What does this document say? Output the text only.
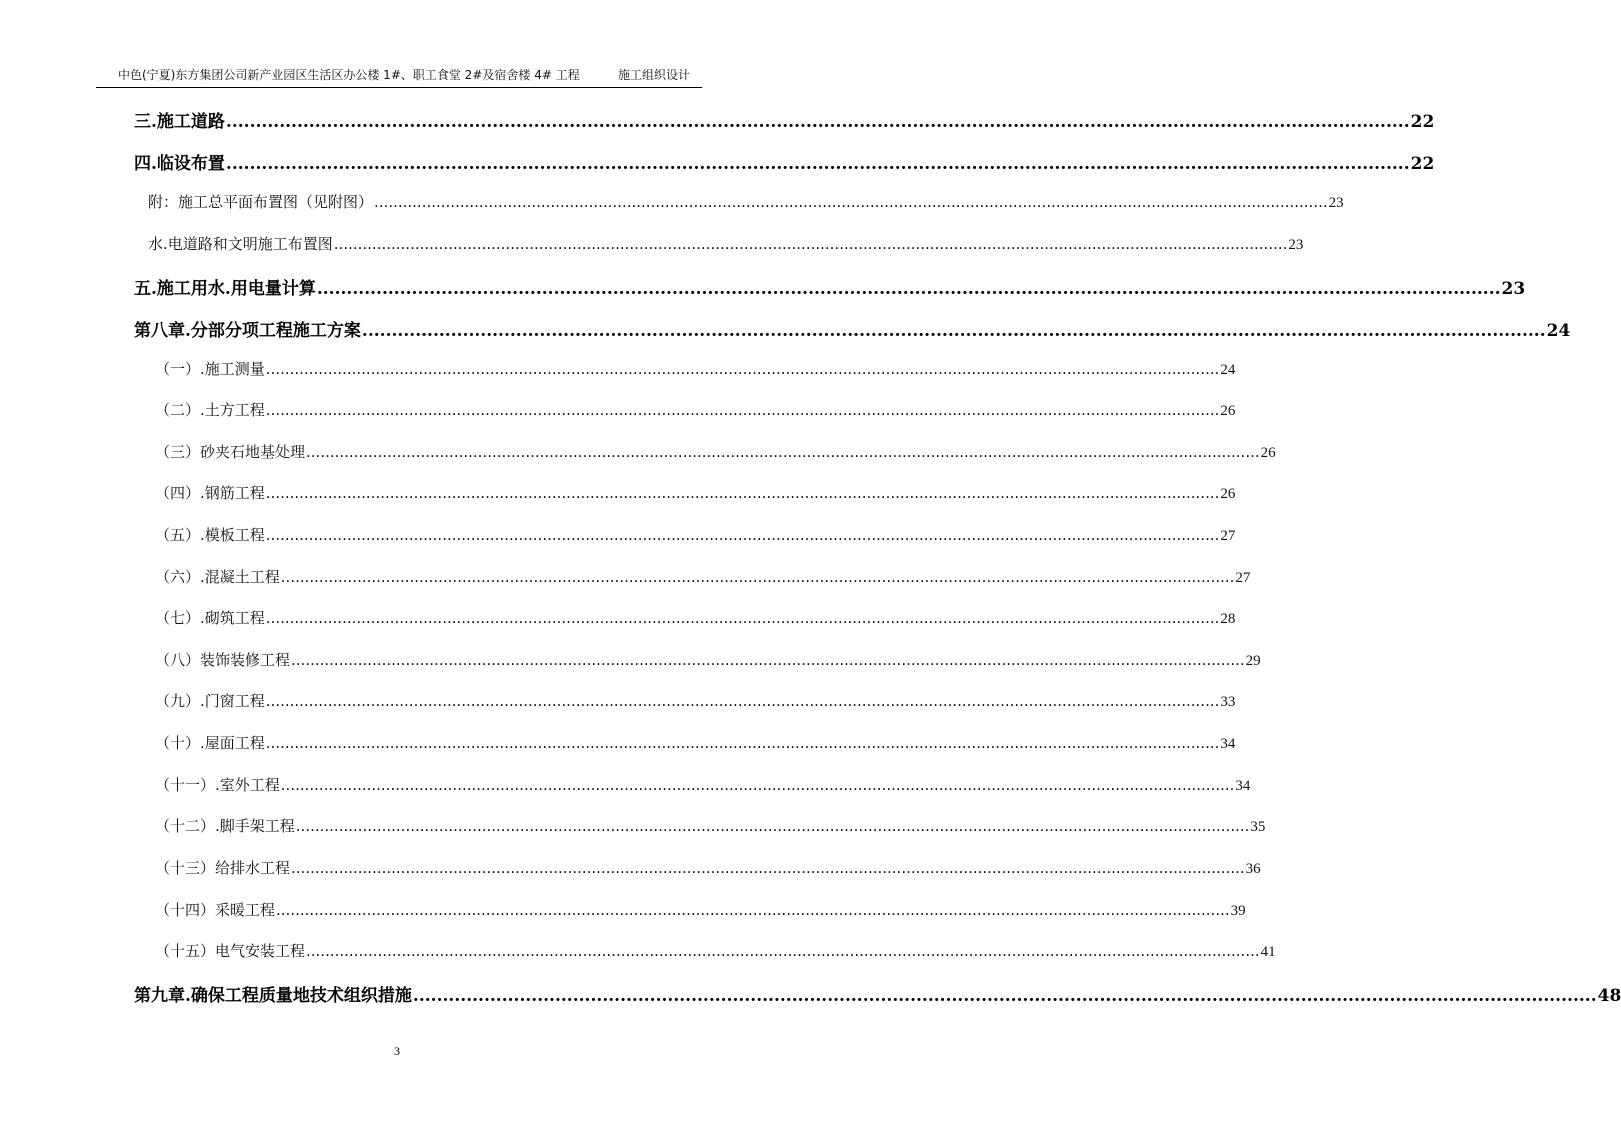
中色(宁夏)东方集团公司新产业园区生活区办公楼 1#、职工食堂 2#及宿舍楼 4# 工程	施工组织设计
三.施工道路 ........................................................................................................................................................................................................ 22
四.临设布置 ........................................................................................................................................................................................................ 22
附：施工总平面布置图（见附图） ........................................................................................................................................................................................................ 23
水.电道路和文明施工布置图 ........................................................................................................................................................................................................ 23
五.施工用水.用电量计算 ........................................................................................................................................................................................................ 23
第八章.分部分项工程施工方案 ........................................................................................................................................................................................................ 24
（一）.施工测量 ........................................................................................................................................................................................................ 24
（二）.土方工程 ........................................................................................................................................................................................................ 26
（三）砂夹石地基处理 ........................................................................................................................................................................................................ 26
（四）.钢筋工程 ........................................................................................................................................................................................................ 26
（五）.模板工程 ........................................................................................................................................................................................................ 27
（六）.混凝土工程 ........................................................................................................................................................................................................ 27
（七）.砌筑工程 ........................................................................................................................................................................................................ 28
（八）装饰装修工程 ........................................................................................................................................................................................................ 29
（九）.门窗工程 ........................................................................................................................................................................................................ 33
（十）.屋面工程 ........................................................................................................................................................................................................ 34
（十一）.室外工程 ........................................................................................................................................................................................................ 34
（十二）.脚手架工程 ........................................................................................................................................................................................................ 35
（十三）给排水工程 ........................................................................................................................................................................................................ 36
（十四）采暖工程 ........................................................................................................................................................................................................ 39
（十五）电气安装工程 ........................................................................................................................................................................................................ 41
第九章.确保工程质量地技术组织措施 ........................................................................................................................................................................................................ 48
3
